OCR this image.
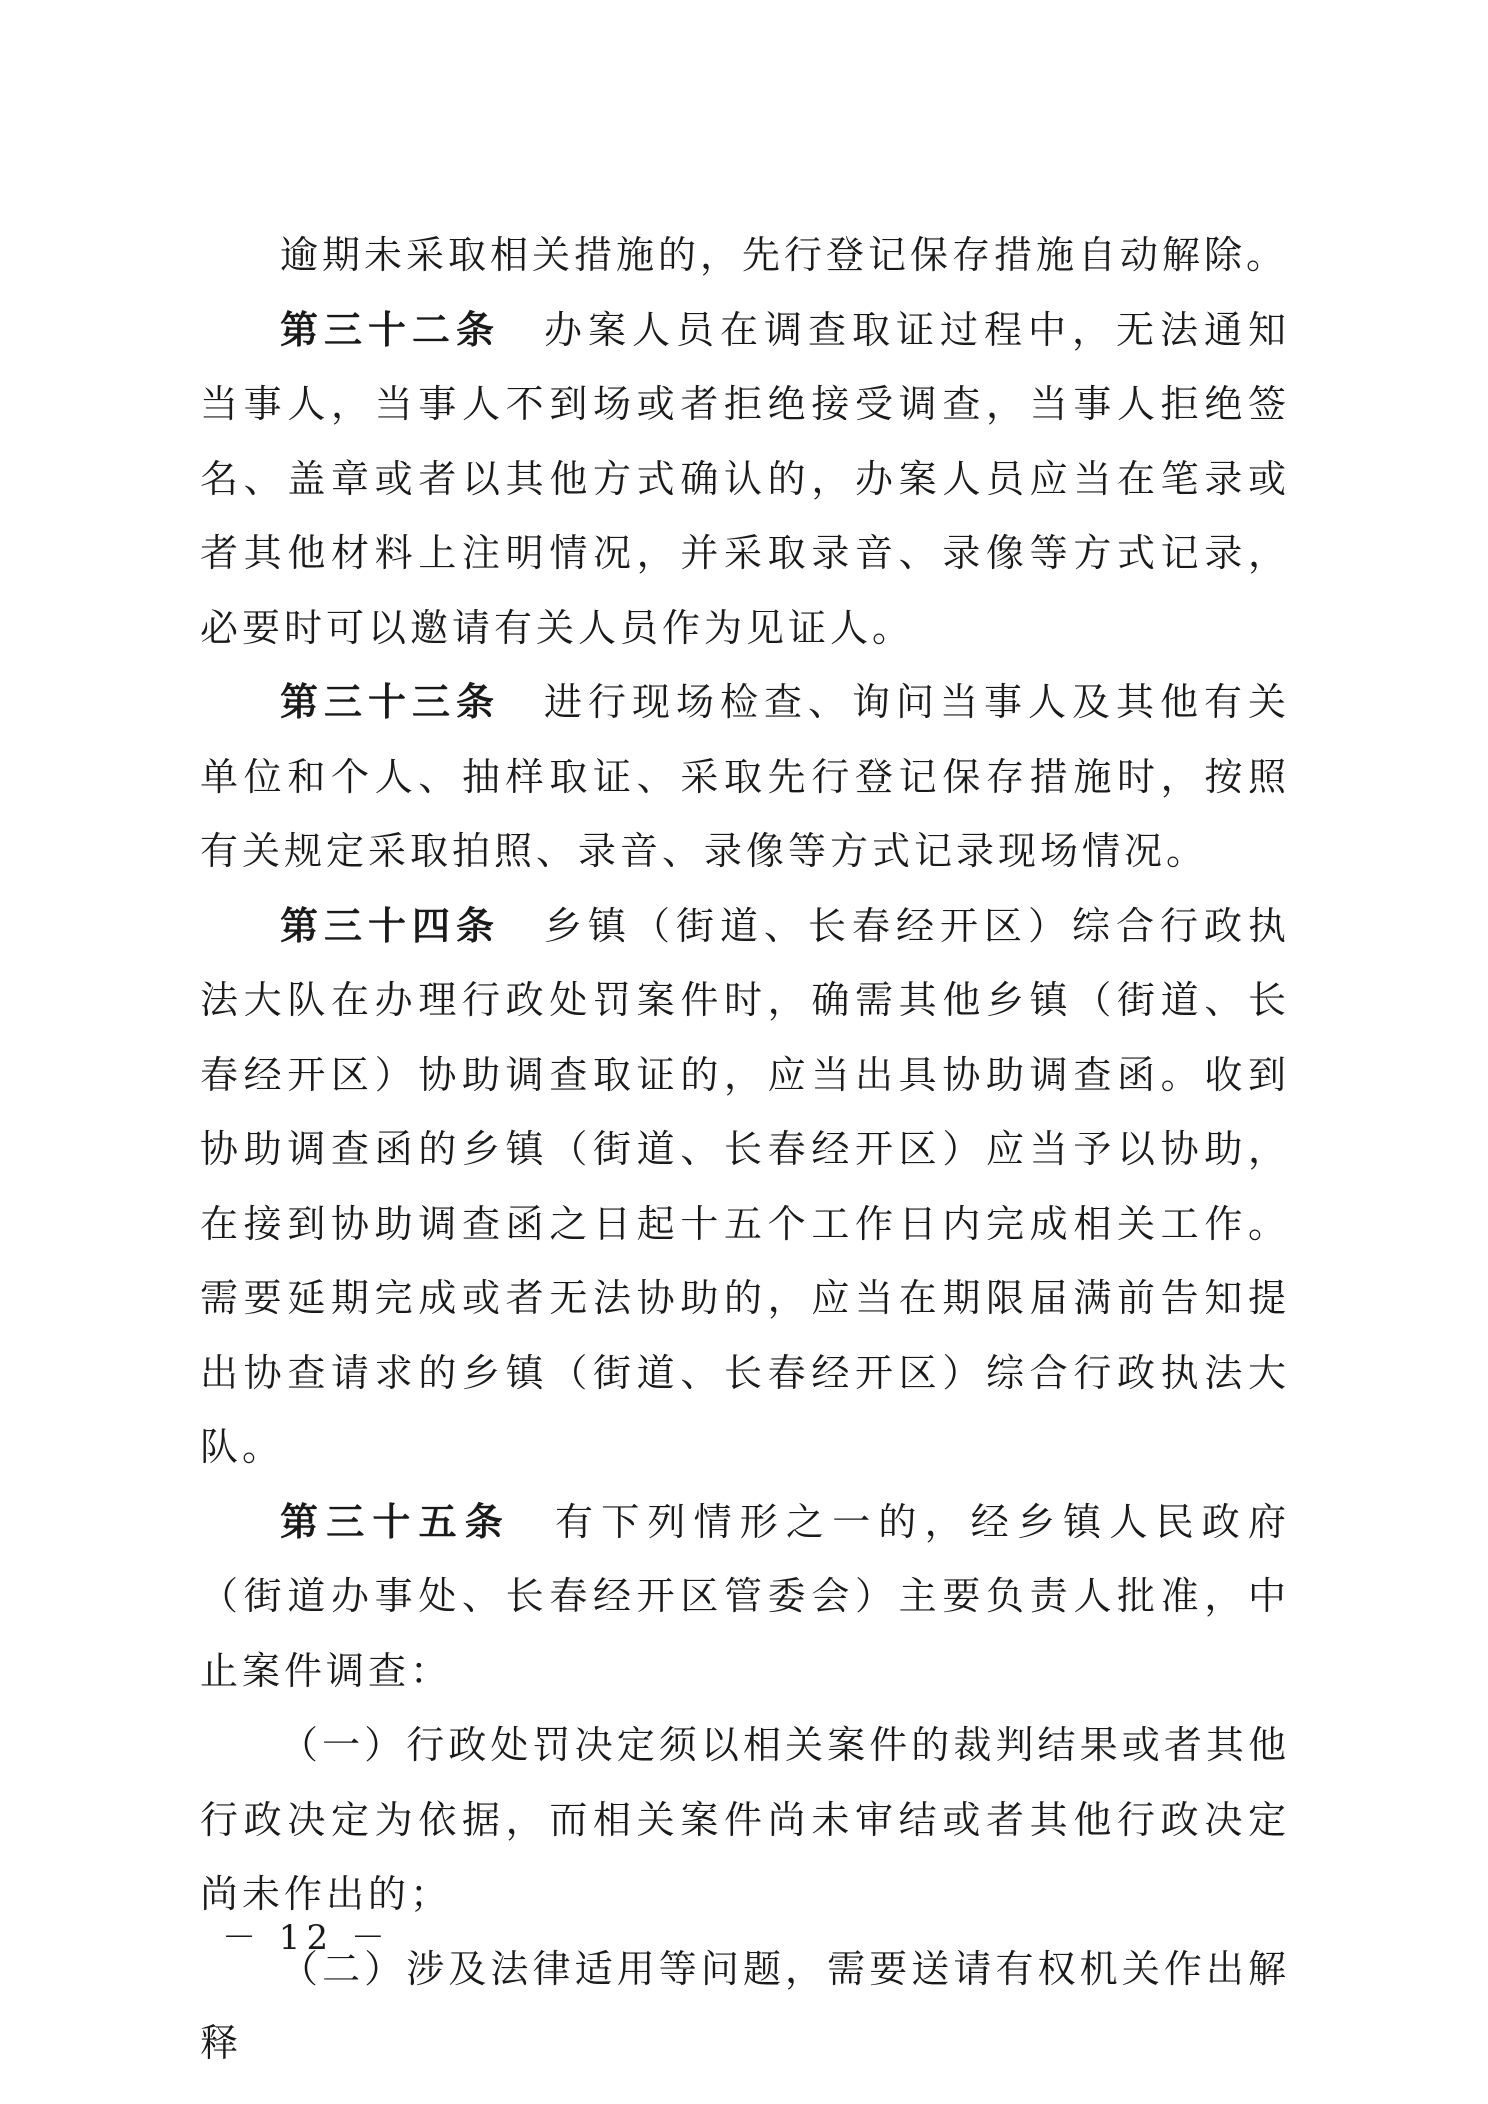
逾期未采取相关措施的，先行登记保存措施自动解除。

第三十二条 办案人员在调查取证过程中，无法通知当事人，当事人不到场或者拒绝接受调查，当事人拒绝签名、盖章或者以其他方式确认的，办案人员应当在笔录或者其他材料上注明情况，并采取录音、录像等方式记录，必要时可以邀请有关人员作为见证人。

第三十三条 进行现场检查、询问当事人及其他有关单位和个人、抽样取证、采取先行登记保存措施时，按照有关规定采取拍照、录音、录像等方式记录现场情况。

第三十四条 乡镇（街道、长春经开区）综合行政执法大队在办理行政处罚案件时，确需其他乡镇（街道、长春经开区）协助调查取证的，应当出具协助调查函。收到协助调查函的乡镇（街道、长春经开区）应当予以协助，在接到协助调查函之日起十五个工作日内完成相关工作。需要延期完成或者无法协助的，应当在期限届满前告知提出协查请求的乡镇（街道、长春经开区）综合行政执法大队。

第三十五条 有下列情形之一的，经乡镇人民政府（街道办事处、长春经开区管委会）主要负责人批准，中止案件调查：

（一）行政处罚决定须以相关案件的裁判结果或者其他行政决定为依据，而相关案件尚未审结或者其他行政决定尚未作出的；

（二）涉及法律适用等问题，需要送请有权机关作出解释

－ 12 －
